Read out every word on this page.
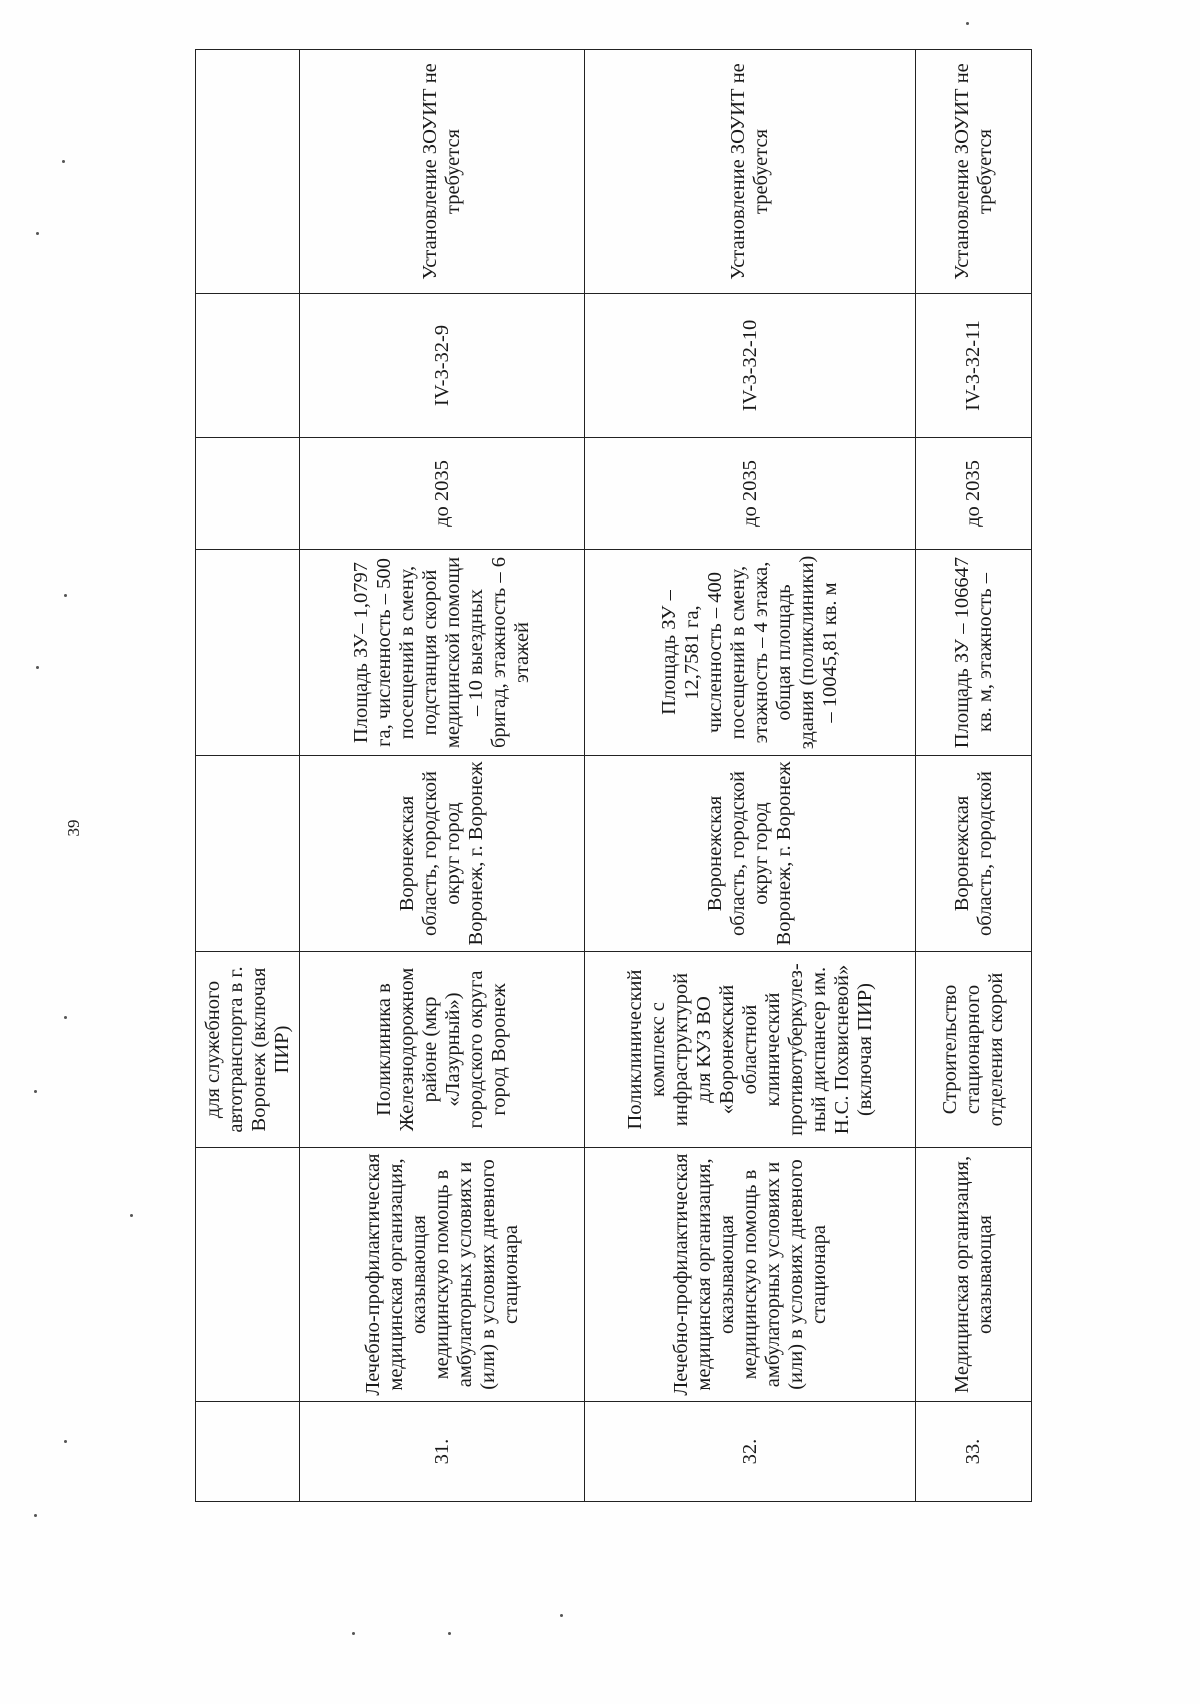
39
		для служебного автотранспорта в г. Воронеж (включая ПИР)					
31.	Лечебно-профилактическая медицинская организация, оказывающая медицинскую помощь в амбулаторных условиях и (или) в условиях дневного стационара	Поликлиника в Железнодорожном районе (мкр «Лазурный») городского округа город Воронеж	Воронежская область, городской округ город Воронеж, г. Воронеж	Площадь ЗУ– 1,0797 га, численность – 500 посещений в смену, подстанция скорой медицинской помощи – 10 выездных бригад, этажность – 6 этажей	до 2035	IV-3-32-9	Установление ЗОУИТ не требуется
32.	Лечебно-профилактическая медицинская организация, оказывающая медицинскую помощь в амбулаторных условиях и (или) в условиях дневного стационара	Поликлинический комплекс с инфраструктурой для КУЗ ВО «Воронежский областной клинический противотуберкулез-ный диспансер им. Н.С. Похвисневой» (включая ПИР)	Воронежская область, городской округ город Воронеж, г. Воронеж	Площадь ЗУ – 12,7581 га, численность – 400 посещений в смену, этажность – 4 этажа, общая площадь здания (поликлиники) – 10045,81 кв. м	до 2035	IV-3-32-10	Установление ЗОУИТ не требуется
33.	Медицинская организация, оказывающая	Строительство стационарного отделения скорой	Воронежская область, городской	Площадь ЗУ – 106647 кв. м, этажность –	до 2035	IV-3-32-11	Установление ЗОУИТ не требуется
